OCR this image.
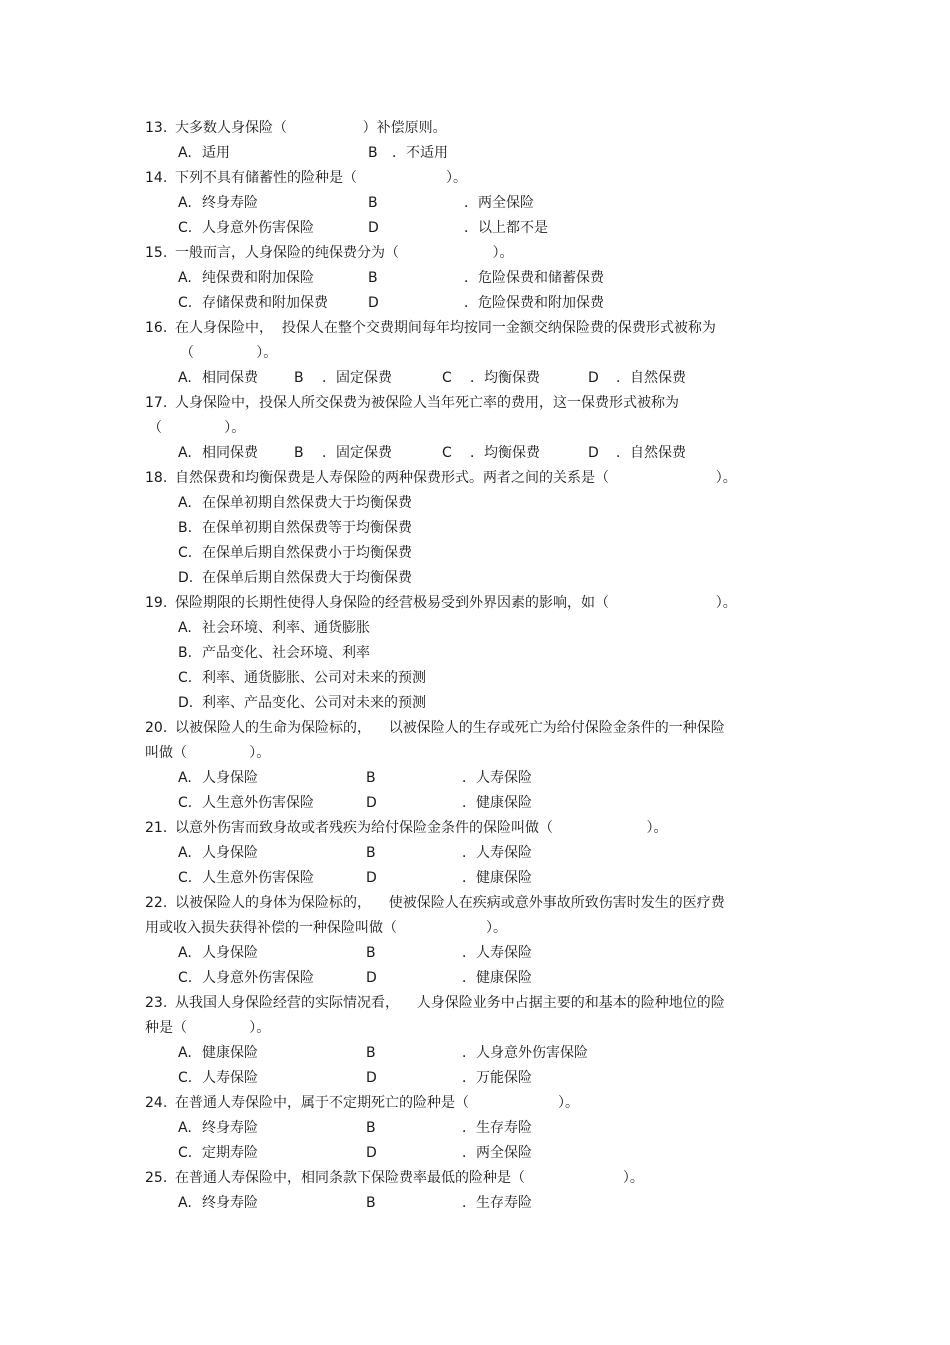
13. 大多数人身保险（                 ）补偿原则。
A. 适用	B ．不适用
14. 下列不具有储蓄性的险种是（                    ）。
A. 终身寿险	B	．两全保险
C. 人身意外伤害保险	D	．以上都不是
15. 一般而言，人身保险的纯保费分为（                     ）。
A. 纯保费和附加保险	B	．危险保费和储蓄保费
C. 存储保费和附加保费	D	．危险保费和附加保费
16. 在人身保险中，  投保人在整个交费期间每年均按同一金额交纳保险费的保费形式被称为
（              ）。
A. 相同保费	B ．固定保费	C ．均衡保费	D ．自然保费
17. 人身保险中，投保人所交保费为被保险人当年死亡率的费用，这一保费形式被称为
（              ）。
A. 相同保费	B ．固定保费	C ．均衡保费	D ．自然保费
18. 自然保费和均衡保费是人寿保险的两种保费形式。两者之间的关系是（                        ）。
A. 在保单初期自然保费大于均衡保费
B. 在保单初期自然保费等于均衡保费
C. 在保单后期自然保费小于均衡保费
D. 在保单后期自然保费大于均衡保费
19. 保险期限的长期性使得人身保险的经营极易受到外界因素的影响，如（                        ）。
A. 社会环境、利率、通货膨胀
B. 产品变化、社会环境、利率
C. 利率、通货膨胀、公司对未来的预测
D. 利率、产品变化、公司对未来的预测
20. 以被保险人的生命为保险标的，    以被保险人的生存或死亡为给付保险金条件的一种保险
叫做（              ）。
A. 人身保险	B	．人寿保险
C. 人生意外伤害保险	D	．健康保险
21. 以意外伤害而致身故或者残疾为给付保险金条件的保险叫做（                     ）。
A. 人身保险	B	．人寿保险
C. 人生意外伤害保险	D	．健康保险
22. 以被保险人的身体为保险标的，    使被保险人在疾病或意外事故所致伤害时发生的医疗费
用或收入损失获得补偿的一种保险叫做（                    ）。
A. 人身保险	B	．人寿保险
C. 人身意外伤害保险	D	．健康保险
23. 从我国人身保险经营的实际情况看，    人身保险业务中占据主要的和基本的险种地位的险
种是（              ）。
A. 健康保险	B	．人身意外伤害保险
C. 人寿保险	D	．万能保险
24. 在普通人寿保险中，属于不定期死亡的险种是（                    ）。
A. 终身寿险	B	．生存寿险
C. 定期寿险	D	．两全保险
25. 在普通人寿保险中，相同条款下保险费率最低的险种是（                      ）。
A. 终身寿险	B	．生存寿险
